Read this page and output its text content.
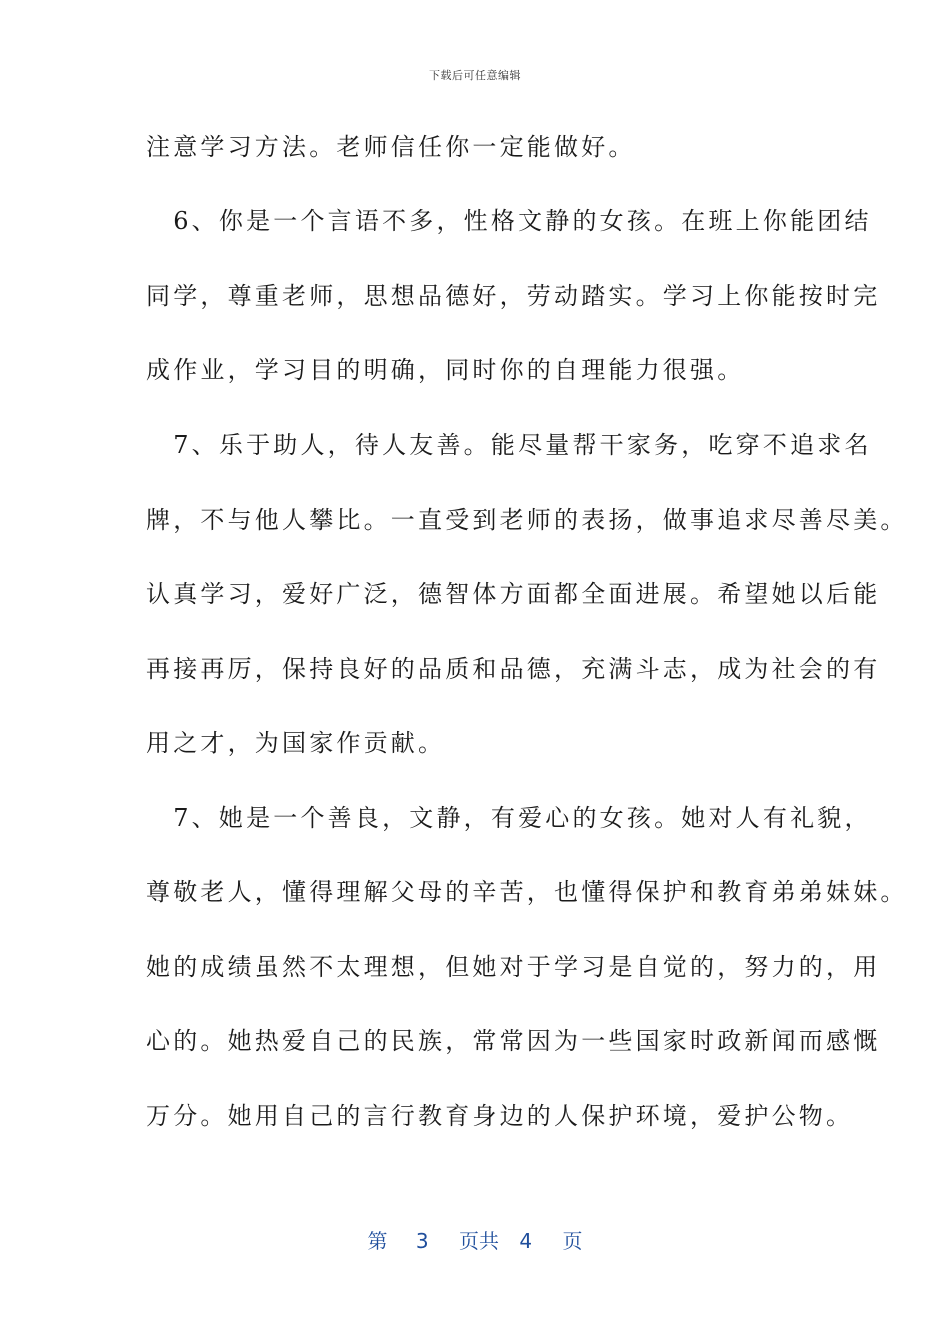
下载后可任意编辑
注意学习方法。老师信任你一定能做好。
　6、你是一个言语不多，性格文静的女孩。在班上你能团结
同学，尊重老师，思想品德好，劳动踏实。学习上你能按时完
成作业，学习目的明确，同时你的自理能力很强。
　7、乐于助人，待人友善。能尽量帮干家务，吃穿不追求名
牌，不与他人攀比。一直受到老师的表扬，做事追求尽善尽美。
认真学习，爱好广泛，德智体方面都全面进展。希望她以后能
再接再厉，保持良好的品质和品德，充满斗志，成为社会的有
用之才，为国家作贡献。
　7、她是一个善良，文静，有爱心的女孩。她对人有礼貌，
尊敬老人，懂得理解父母的辛苦，也懂得保护和教育弟弟妹妹。
她的成绩虽然不太理想，但她对于学习是自觉的，努力的，用
心的。她热爱自己的民族，常常因为一些国家时政新闻而感慨
万分。她用自己的言行教育身边的人保护环境，爱护公物。
第 3 页共 4 页
